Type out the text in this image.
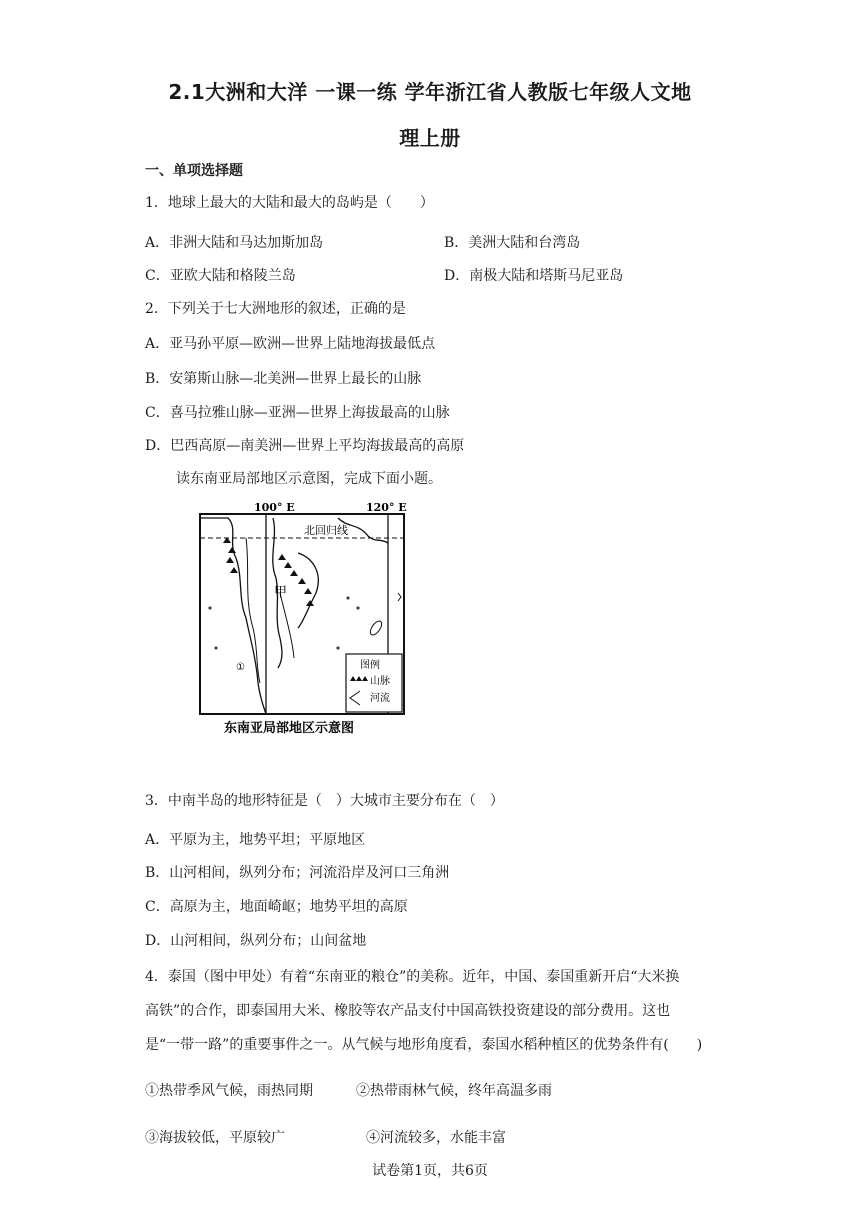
2.1大洲和大洋 一课一练 学年浙江省人教版七年级人文地
理上册
一、单项选择题
1．地球上最大的大陆和最大的岛屿是（　　）
A．非洲大陆和马达加斯加岛	B．美洲大陆和台湾岛
C．亚欧大陆和格陵兰岛	D．南极大陆和塔斯马尼亚岛
2．下列关于七大洲地形的叙述，正确的是
A．亚马孙平原—欧洲—世界上陆地海拔最低点
B．安第斯山脉—北美洲—世界上最长的山脉
C．喜马拉雅山脉—亚洲—世界上海拔最高的山脉
D．巴西高原—南美洲—世界上平均海拔最高的高原
读东南亚局部地区示意图，完成下面小题。
100° E	120° E
北回归线
甲
①	图例
山脉
河流
东南亚局部地区示意图
3．中南半岛的地形特征是（　）大城市主要分布在（　）
A．平原为主，地势平坦；平原地区
B．山河相间，纵列分布；河流沿岸及河口三角洲
C．高原为主，地面崎岖；地势平坦的高原
D．山河相间，纵列分布；山间盆地
4．泰国（图中甲处）有着“东南亚的粮仓”的美称。近年，中国、泰国重新开启“大米换
高铁”的合作，即泰国用大米、橡胶等农产品支付中国高铁投资建设的部分费用。这也
是“一带一路”的重要事件之一。从气候与地形角度看，泰国水稻种植区的优势条件有(　　)
①热带季风气候，雨热同期	②热带雨林气候，终年高温多雨
③海拔较低，平原较广	④河流较多，水能丰富
试卷第1页，共6页
